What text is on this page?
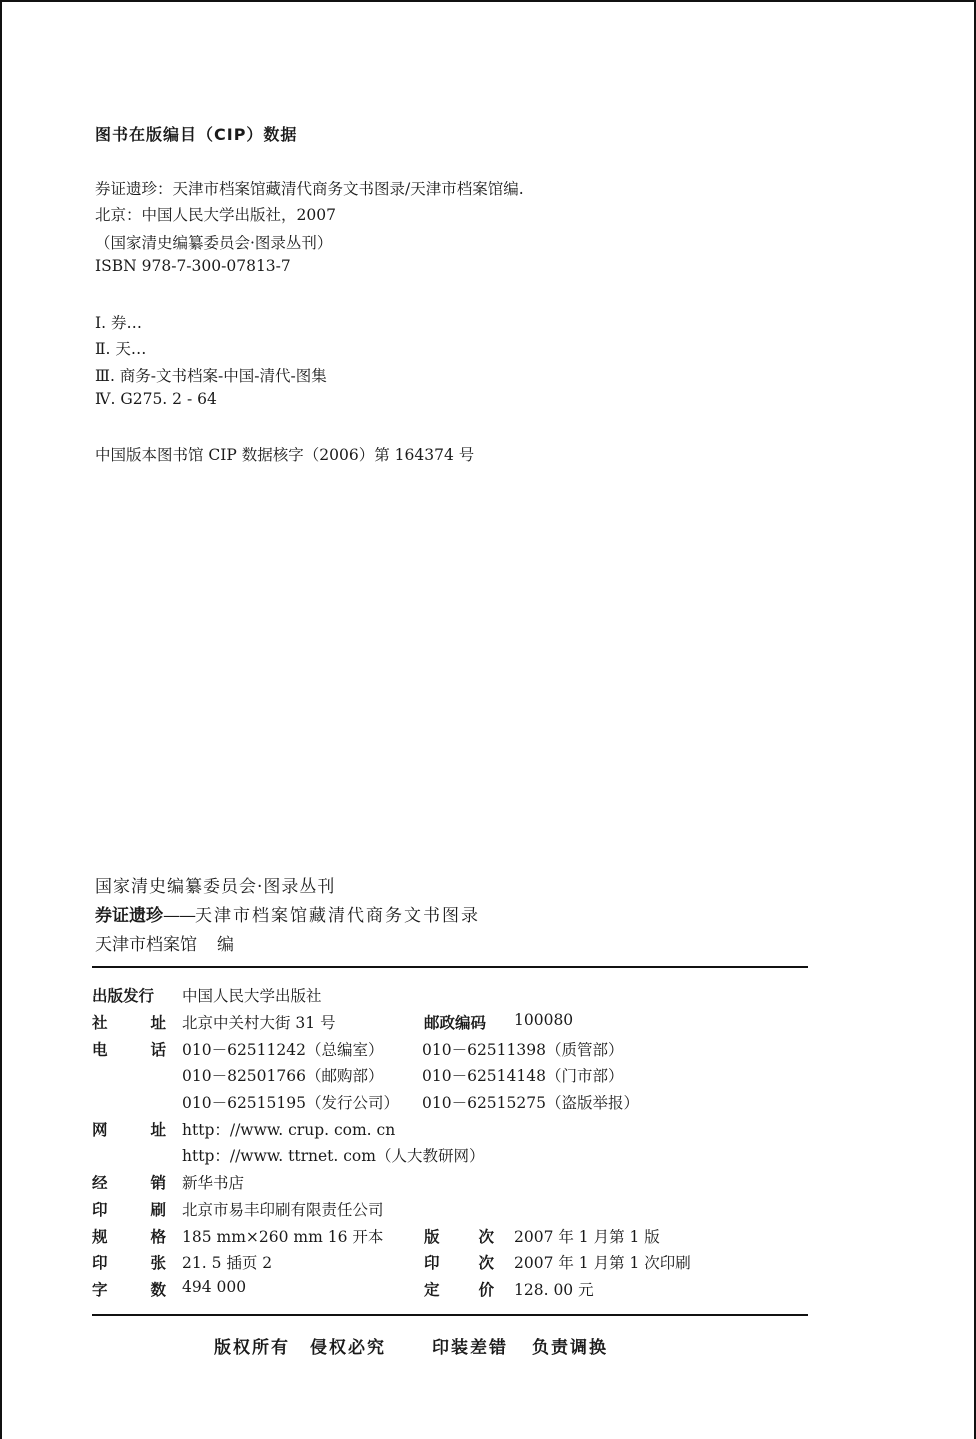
图书在版编目（CIP）数据
券证遗珍：天津市档案馆藏清代商务文书图录/天津市档案馆编.
北京：中国人民大学出版社，2007
（国家清史编纂委员会·图录丛刊）
ISBN 978-7-300-07813-7
Ⅰ. 券…
Ⅱ. 天…
Ⅲ. 商务-文书档案-中国-清代-图集
Ⅳ. G275. 2 - 64
中国版本图书馆 CIP 数据核字（2006）第 164374 号
国家清史编纂委员会·图录丛刊
券证遗珍——天津市档案馆藏清代商务文书图录
天津市档案馆 编
出版发行	中国人民大学出版社
社	址 北京中关村大街 31 号	邮政编码	100080
电	话 010－62511242（总编室） 010－62511398（质管部）
010－82501766（邮购部） 010－62514148（门市部）
010－62515195（发行公司） 010－62515275（盗版举报）
网	址 http：//www. crup. com. cn
http：//www. ttrnet. com（人大教研网）
经	销 新华书店
印	刷 北京市易丰印刷有限责任公司
规	格 185 mm×260 mm 16 开本	版	次 2007 年 1 月第 1 版
印	张 21. 5 插页 2	印	次 2007 年 1 月第 1 次印刷
字	数 494 000	定	价 128. 00 元
版权所有 侵权必究	印装差错 负责调换
